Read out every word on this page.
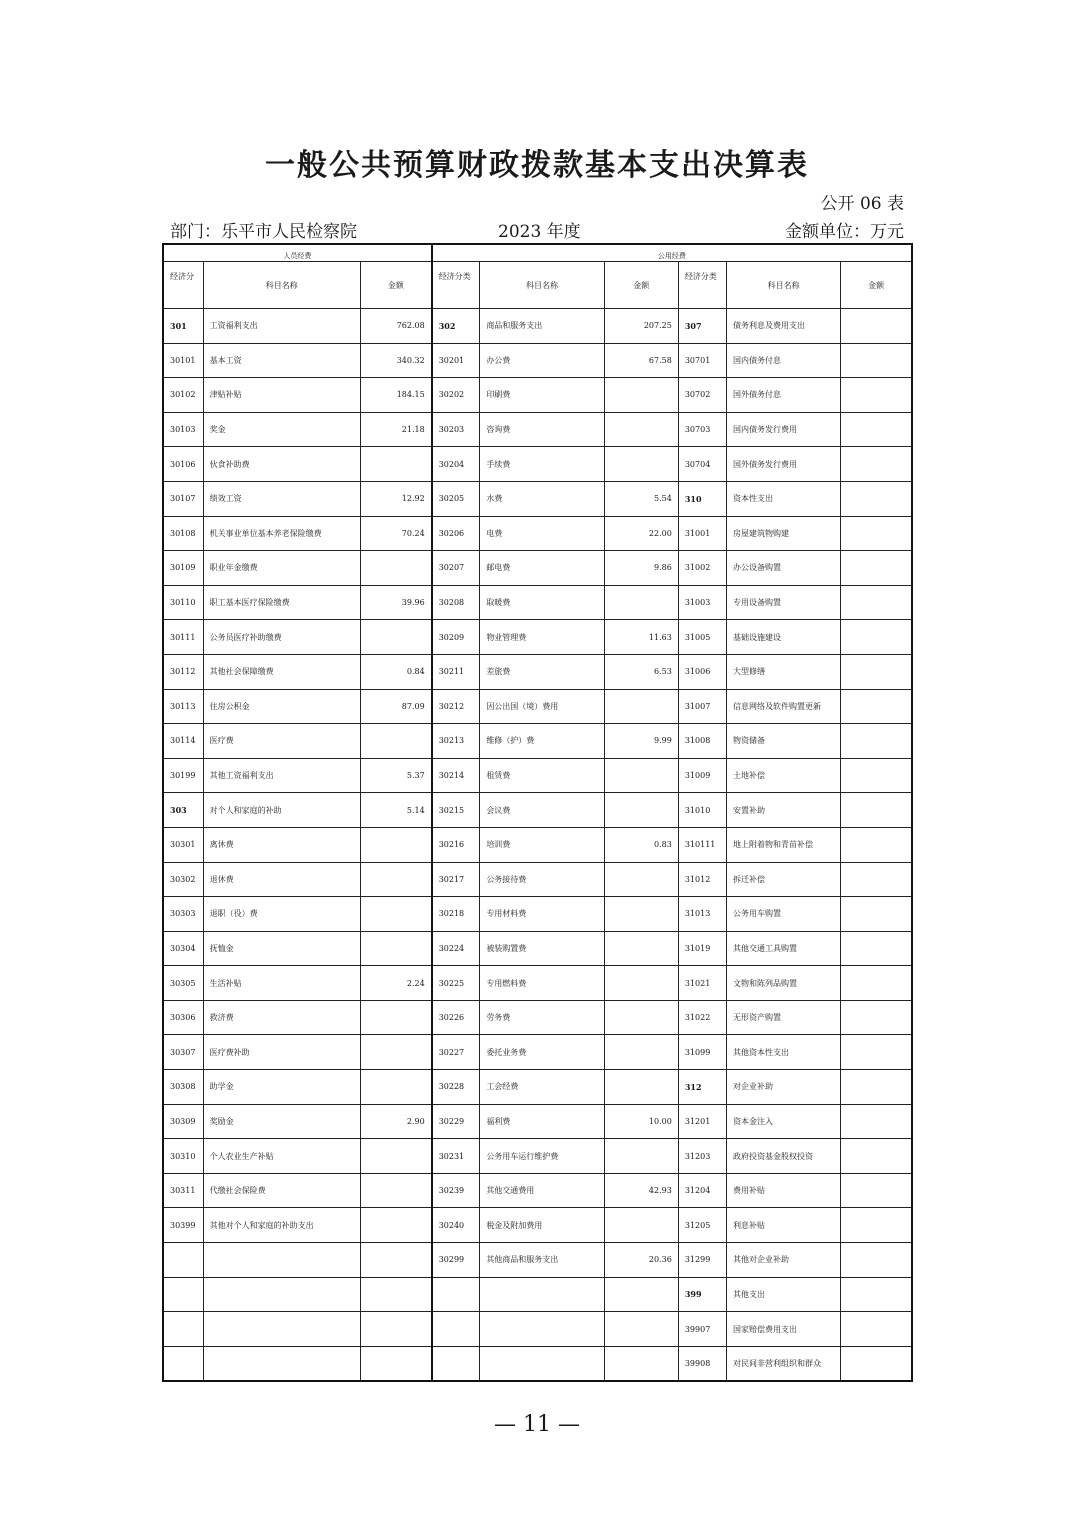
一般公共预算财政拨款基本支出决算表
公开 06 表
部门：乐平市人民检察院	2023 年度	金额单位：万元
人员经费			公用经费					
经济分	科目名称	金额	经济分类	科目名称	金额	经济分类	科目名称	金额
301	工资福利支出	762.08	302	商品和服务支出	207.25	307	债务利息及费用支出	
30101	基本工资	340.32	30201	办公费	67.58	30701	国内债务付息	
30102	津贴补贴	184.15	30202	印刷费		30702	国外债务付息	
30103	奖金	21.18	30203	咨询费		30703	国内债务发行费用	
30106	伙食补助费		30204	手续费		30704	国外债务发行费用	
30107	绩效工资	12.92	30205	水费	5.54	310	资本性支出	
30108	机关事业单位基本养老保险缴费	70.24	30206	电费	22.00	31001	房屋建筑物购建	
30109	职业年金缴费		30207	邮电费	9.86	31002	办公设备购置	
30110	职工基本医疗保险缴费	39.96	30208	取暖费		31003	专用设备购置	
30111	公务员医疗补助缴费		30209	物业管理费	11.63	31005	基础设施建设	
30112	其他社会保障缴费	0.84	30211	差旅费	6.53	31006	大型修缮	
30113	住房公积金	87.09	30212	因公出国（境）费用		31007	信息网络及软件购置更新	
30114	医疗费		30213	维修（护）费	9.99	31008	物资储备	
30199	其他工资福利支出	5.37	30214	租赁费		31009	土地补偿	
303	对个人和家庭的补助	5.14	30215	会议费		31010	安置补助	
30301	离休费		30216	培训费	0.83	310111	地上附着物和青苗补偿	
30302	退休费		30217	公务接待费		31012	拆迁补偿	
30303	退职（役）费		30218	专用材料费		31013	公务用车购置	
30304	抚恤金		30224	被装购置费		31019	其他交通工具购置	
30305	生活补贴	2.24	30225	专用燃料费		31021	文物和陈列品购置	
30306	救济费		30226	劳务费		31022	无形资产购置	
30307	医疗费补助		30227	委托业务费		31099	其他资本性支出	
30308	助学金		30228	工会经费		312	对企业补助	
30309	奖励金	2.90	30229	福利费	10.00	31201	资本金注入	
30310	个人农业生产补贴		30231	公务用车运行维护费		31203	政府投资基金股权投资	
30311	代缴社会保险费		30239	其他交通费用	42.93	31204	费用补贴	
30399	其他对个人和家庭的补助支出		30240	税金及附加费用		31205	利息补贴	
			30299	其他商品和服务支出	20.36	31299	其他对企业补助	
						399	其他支出	
						39907	国家赔偿费用支出	
						39908	对民间非营利组织和群众	
— 11 —
